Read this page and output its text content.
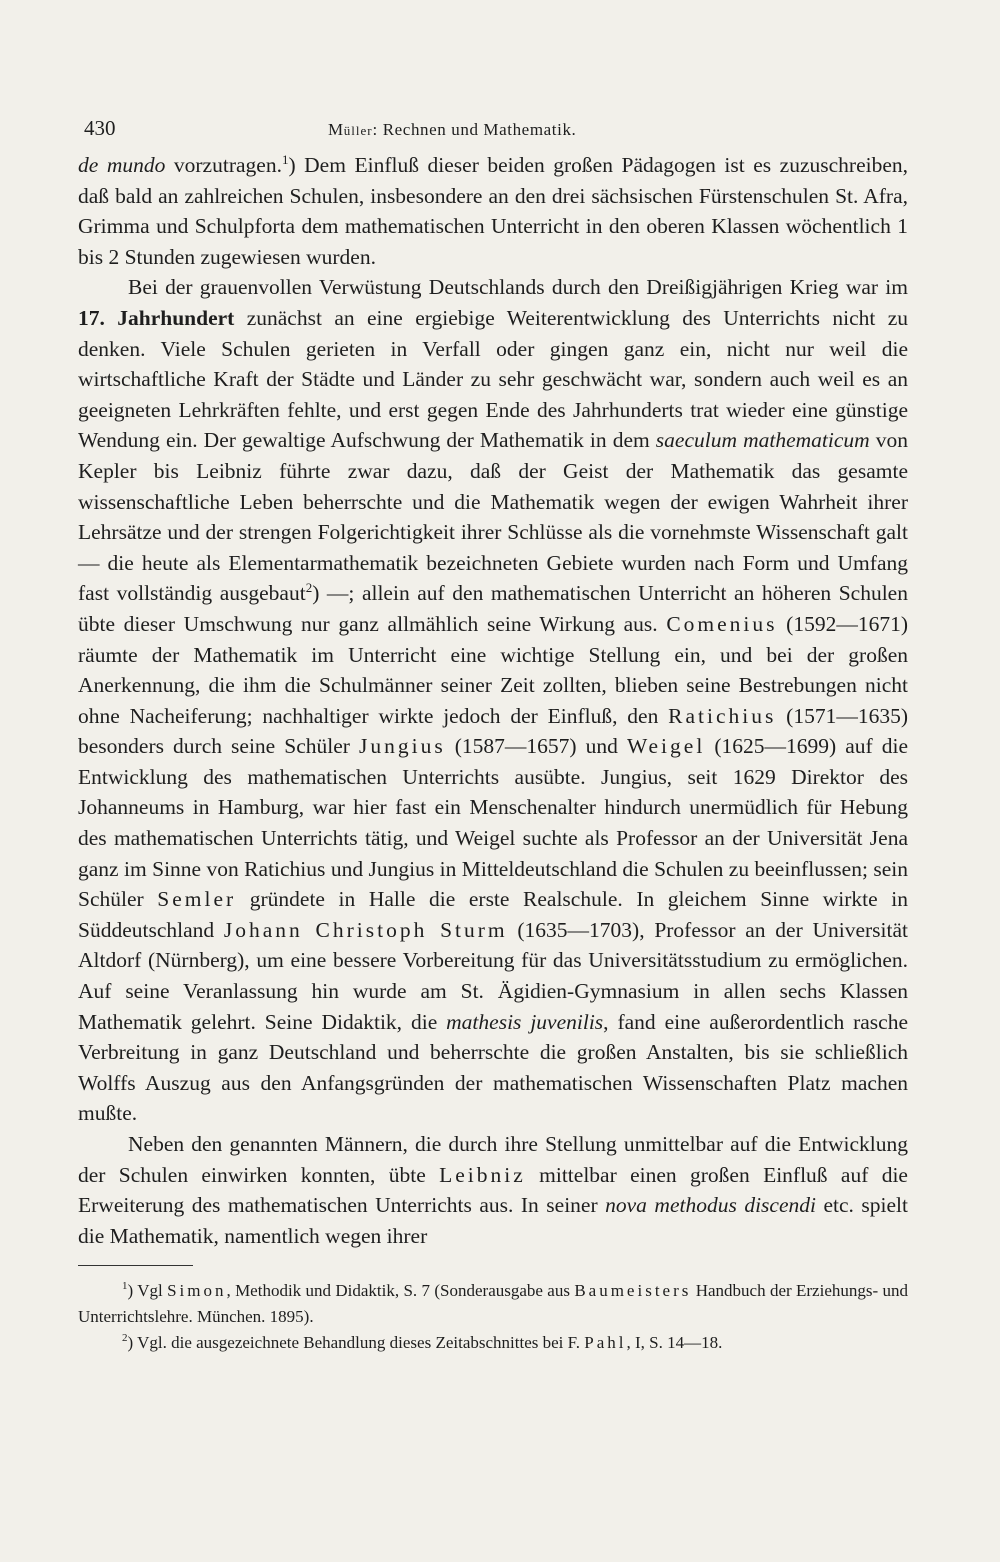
430	Müller: Rechnen und Mathematik.

de mundo vorzutragen.$^1$) Dem Einfluß dieser beiden großen Pädagogen ist es zuzuschreiben, daß bald an zahlreichen Schulen, insbesondere an den drei sächsischen Fürstenschulen St. Afra, Grimma und Schulpforta dem mathematischen Unterricht in den oberen Klassen wöchentlich 1 bis 2 Stunden zugewiesen wurden.

Bei der grauenvollen Verwüstung Deutschlands durch den Dreißigjährigen Krieg war im 17. Jahrhundert zunächst an eine ergiebige Weiterentwicklung des Unterrichts nicht zu denken. Viele Schulen gerieten in Verfall oder gingen ganz ein, nicht nur weil die wirtschaftliche Kraft der Städte und Länder zu sehr geschwächt war, sondern auch weil es an geeigneten Lehrkräften fehlte, und erst gegen Ende des Jahrhunderts trat wieder eine günstige Wendung ein. Der gewaltige Aufschwung der Mathematik in dem saeculum mathematicum von Kepler bis Leibniz führte zwar dazu, daß der Geist der Mathematik das gesamte wissenschaftliche Leben beherrschte und die Mathematik wegen der ewigen Wahrheit ihrer Lehrsätze und der strengen Folgerichtigkeit ihrer Schlüsse als die vornehmste Wissenschaft galt — die heute als Elementarmathematik bezeichneten Gebiete wurden nach Form und Umfang fast vollständig ausgebaut$^2$) —; allein auf den mathematischen Unterricht an höheren Schulen übte dieser Umschwung nur ganz allmählich seine Wirkung aus. Comenius (1592—1671) räumte der Mathematik im Unterricht eine wichtige Stellung ein, und bei der großen Anerkennung, die ihm die Schulmänner seiner Zeit zollten, blieben seine Bestrebungen nicht ohne Nacheiferung; nachhaltiger wirkte jedoch der Einfluß, den Ratichius (1571—1635) besonders durch seine Schüler Jungius (1587—1657) und Weigel (1625—1699) auf die Entwicklung des mathematischen Unterrichts ausübte. Jungius, seit 1629 Direktor des Johanneums in Hamburg, war hier fast ein Menschenalter hindurch unermüdlich für Hebung des mathematischen Unterrichts tätig, und Weigel suchte als Professor an der Universität Jena ganz im Sinne von Ratichius und Jungius in Mitteldeutschland die Schulen zu beeinflussen; sein Schüler Semler gründete in Halle die erste Realschule. In gleichem Sinne wirkte in Süddeutschland Johann Christoph Sturm (1635—1703), Professor an der Universität Altdorf (Nürnberg), um eine bessere Vorbereitung für das Universitätsstudium zu ermöglichen. Auf seine Veranlassung hin wurde am St. Ägidien-Gymnasium in allen sechs Klassen Mathematik gelehrt. Seine Didaktik, die mathesis juvenilis, fand eine außerordentlich rasche Verbreitung in ganz Deutschland und beherrschte die großen Anstalten, bis sie schließlich Wolffs Auszug aus den Anfangsgründen der mathematischen Wissenschaften Platz machen mußte.

Neben den genannten Männern, die durch ihre Stellung unmittelbar auf die Entwicklung der Schulen einwirken konnten, übte Leibniz mittelbar einen großen Einfluß auf die Erweiterung des mathematischen Unterrichts aus. In seiner nova methodus discendi etc. spielt die Mathematik, namentlich wegen ihrer

$^1$) Vgl Simon, Methodik und Didaktik, S. 7 (Sonderausgabe aus Baumeisters Handbuch der Erziehungs- und Unterrichtslehre. München. 1895).

$^2$) Vgl. die ausgezeichnete Behandlung dieses Zeitabschnittes bei F. Pahl, I, S. 14—18.
